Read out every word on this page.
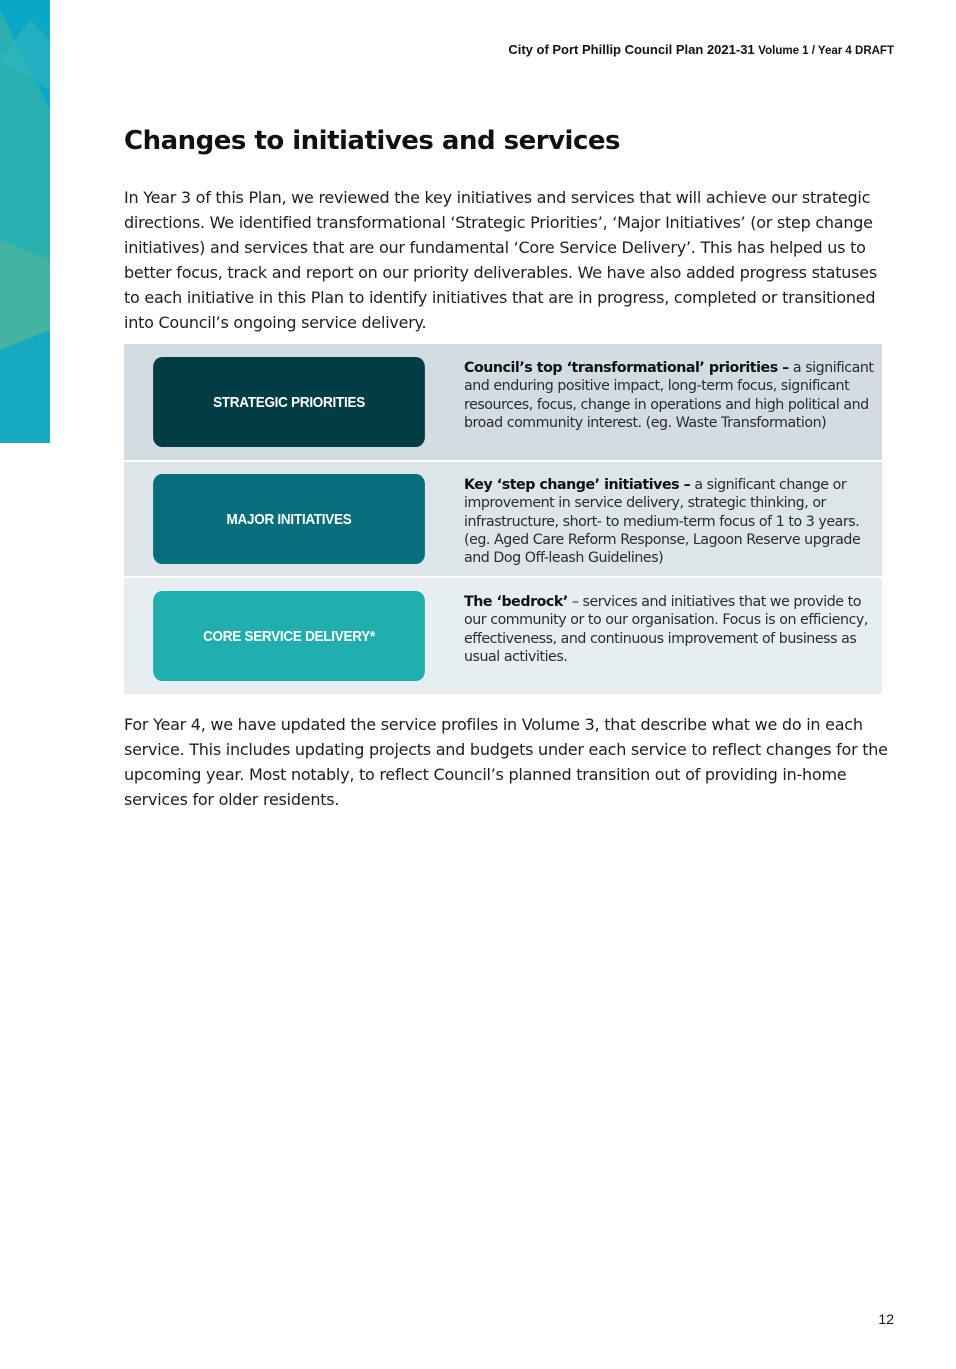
City of Port Phillip Council Plan 2021-31 Volume 1 / Year 4 DRAFT
Changes to initiatives and services

In Year 3 of this Plan, we reviewed the key initiatives and services that will achieve our strategic directions. We identified transformational ‘Strategic Priorities’, ‘Major Initiatives’ (or step change initiatives) and services that are our fundamental ‘Core Service Delivery’. This has helped us to better focus, track and report on our priority deliverables. We have also added progress statuses to each initiative in this Plan to identify initiatives that are in progress, completed or transitioned into Council’s ongoing service delivery.

STRATEGIC PRIORITIES

Council’s top ‘transformational’ priorities – a significant and enduring positive impact, long-term focus, significant resources, focus, change in operations and high political and broad community interest. (eg. Waste Transformation)

MAJOR INITIATIVES

Key ‘step change’ initiatives – a significant change or improvement in service delivery, strategic thinking, or infrastructure, short- to medium-term focus of 1 to 3 years. (eg. Aged Care Reform Response, Lagoon Reserve upgrade and Dog Off-leash Guidelines)

CORE SERVICE DELIVERY*

The ‘bedrock’ – services and initiatives that we provide to our community or to our organisation. Focus is on efficiency, effectiveness, and continuous improvement of business as usual activities.

For Year 4, we have updated the service profiles in Volume 3, that describe what we do in each service. This includes updating projects and budgets under each service to reflect changes for the upcoming year. Most notably, to reflect Council’s planned transition out of providing in-home services for older residents.

12
